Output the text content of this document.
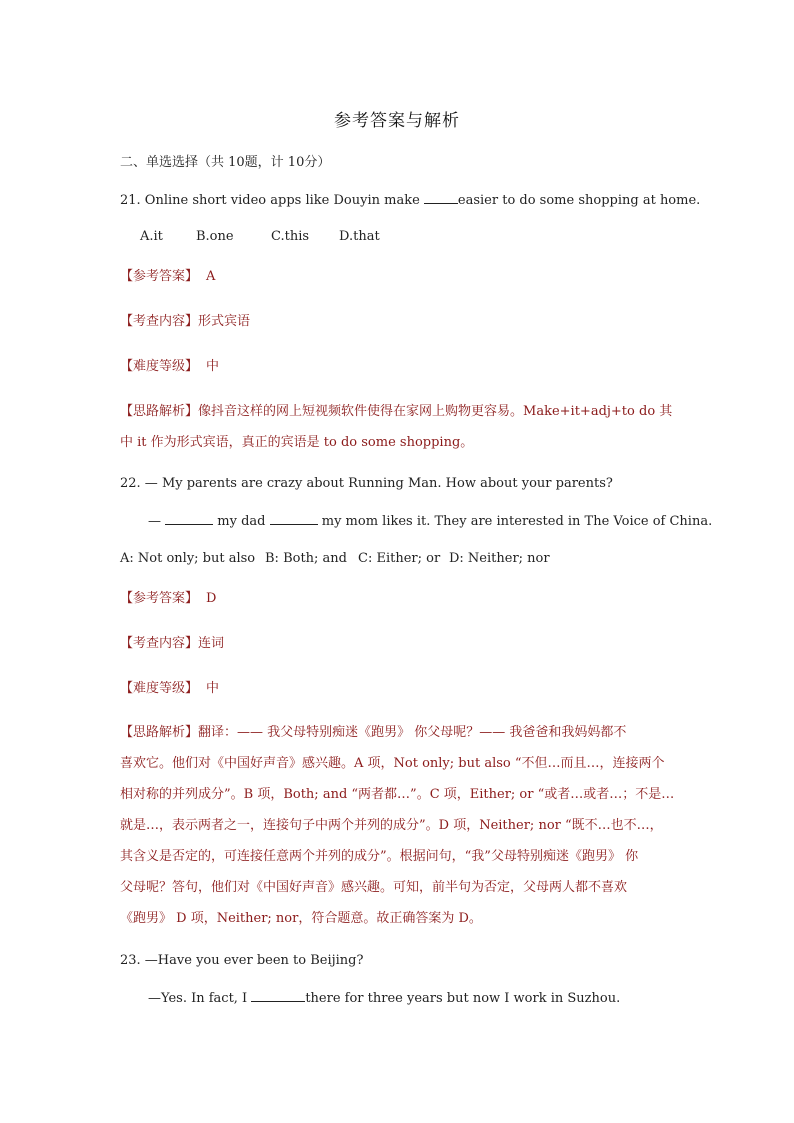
参考答案与解析
二、单选选择（共 10题，计 10分）
21. Online short video apps like Douyin make	easier to do some shopping at home.
A.it	B.one	C.this D.that
【参考答案】 A
【考查内容】形式宾语
【难度等级】 中
【思路解析】像抖音这样的网上短视频软件使得在家网上购物更容易。Make+it+adj+to do 其
中 it 作为形式宾语，真正的宾语是 to do some shopping。
22. — My parents are crazy about Running Man. How about your parents?
—	my dad	my mom likes it. They are interested in The Voice of China.
A: Not only; but also B: Both; and C: Either; or D: Neither; nor
【参考答案】 D
【考查内容】连词
【难度等级】 中
【思路解析】翻译：—— 我父母特别痴迷《跑男》 你父母呢？—— 我爸爸和我妈妈都不
喜欢它。他们对《中国好声音》感兴趣。A 项，Not only; but also “不但…而且…，连接两个
相对称的并列成分”。B 项，Both; and “两者都…”。C 项，Either; or “或者…或者…；不是…
就是…，表示两者之一，连接句子中两个并列的成分”。D 项，Neither; nor “既不…也不…，
其含义是否定的，可连接任意两个并列的成分”。根据问句，“我”父母特别痴迷《跑男》 你
父母呢？答句，他们对《中国好声音》感兴趣。可知，前半句为否定，父母两人都不喜欢
《跑男》 D 项，Neither; nor，符合题意。故正确答案为 D。
23. —Have you ever been to Beijing?
—Yes. In fact, I	there for three years but now I work in Suzhou.
